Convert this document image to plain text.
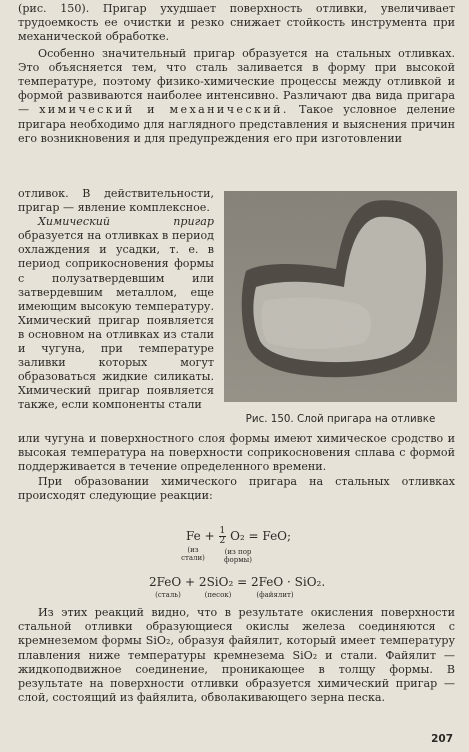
(рис. 150). Пригар ухудшает поверхность отливки, увеличивает трудоемкость ее очистки и резко снижает стойкость инструмента при механической обработке.

Особенно значительный пригар образуется на стальных отливках. Это объясняется тем, что сталь заливается в форму при высокой температуре, поэтому физико-химические процессы между отливкой и формой развиваются наиболее интенсивно. Различают два вида пригара — химический и механический. Такое условное деление пригара необходимо для наглядного представления и выяснения причин его возникновения и для предупреждения его при изготовлении

отливок. В действительности, пригар — явление комплексное.
Химический пригар образуется на отливках в период охлаждения и усадки, т. е. в период соприкосновения формы с полузатвердевшим или затвердевшим металлом, еще имеющим высокую температуру. Химический пригар появляется в основном на отливках из стали и чугуна, при температуре заливки которых могут образоваться жидкие силикаты. Химический пригар появляется также, если компоненты стали
Рис. 150. Слой пригара на отливке

или чугуна и поверхностного слоя формы имеют химическое сродство и высокая температура на поверхности соприкосновения сплава с формой поддерживается в течение определенного времени.

При образовании химического пригара на стальных отливках происходят следующие реакции:

$Fe + \frac{1}{2} O_2$ = FeO;
(из стали)
(из пор формы)
2FeO + 2SiO₂ = 2FeO · SiO₂.
(сталь)	(песок)	(файялит)

Из этих реакций видно, что в результате окисления поверхности стальной отливки образующиеся окислы железа соединяются с кремнеземом формы SiO₂, образуя файялит, который имеет температуру плавления ниже температуры кремнезема SiO₂ и стали. Файялит — жидкоподвижное соединение, проникающее в толщу формы. В результате на поверхности отливки образуется химический пригар — слой, состоящий из файялита, обволакивающего зерна песка.

207
